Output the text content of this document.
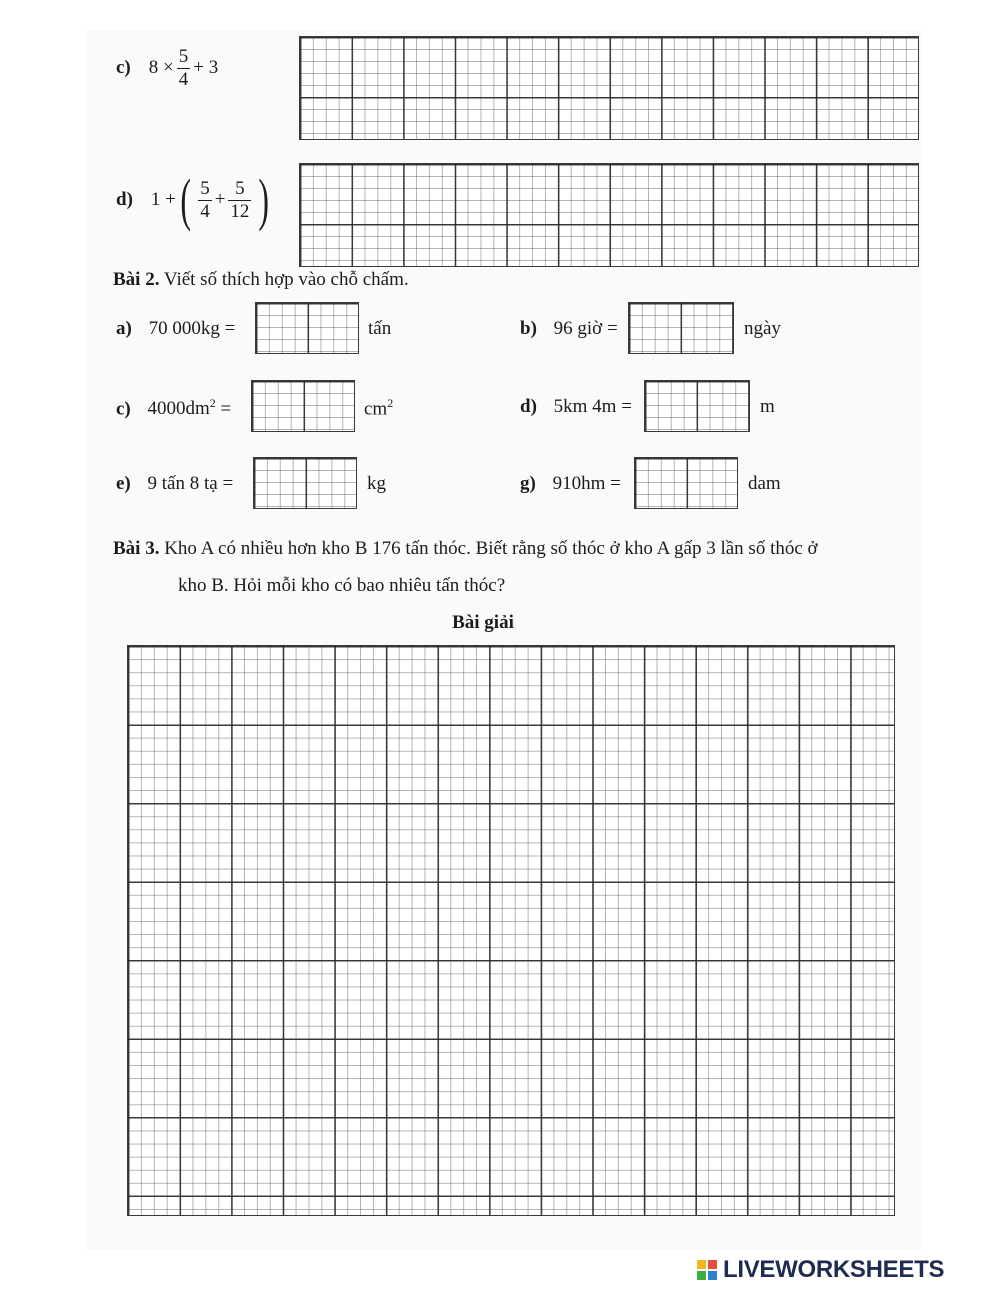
c) $8 \times \frac{5}{4} + 3$
d) 1 + ( $\frac{5}{4} + \frac{5}{12}$ )
Bài 2. Viết số thích hợp vào chỗ chấm.
a) 70 000kg =	tấn	b) 96 giờ =	ngày
c) $4000dm^2$ =	$cm^2$	d) 5km 4m =	m
e) 9 tấn 8 tạ =	kg	g) 910hm =	dam
Bài 3. Kho A có nhiều hơn kho B 176 tấn thóc. Biết rằng số thóc ở kho A gấp 3 lần số thóc ở
kho B. Hỏi mỗi kho có bao nhiêu tấn thóc?
Bài giải
LIVEWORKSHEETS
